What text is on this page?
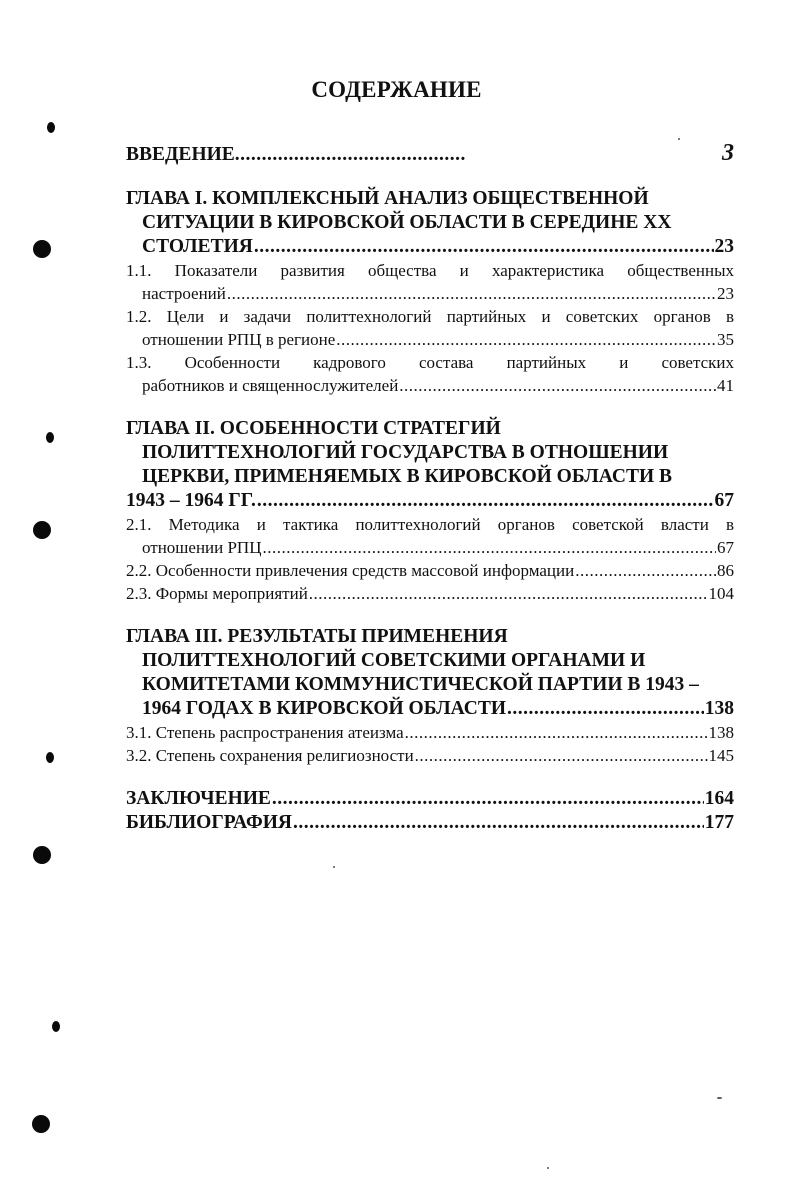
СОДЕРЖАНИЕ
ВВЕДЕНИЕ .....	3
ГЛАВА I. КОМПЛЕКСНЫЙ АНАЛИЗ ОБЩЕСТВЕННОЙ
СИТУАЦИИ В КИРОВСКОЙ ОБЛАСТИ В СЕРЕДИНЕ XX
СТОЛЕТИЯ .....	23
1.1. Показатели развития общества и характеристика общественных
настроений .....	23
1.2. Цели и задачи политтехнологий партийных и советских органов в
отношении РПЦ в регионе .....	35
1.3. Особенности кадрового состава партийных и советских
работников и священнослужителей .....	41
ГЛАВА II. ОСОБЕННОСТИ СТРАТЕГИЙ
ПОЛИТТЕХНОЛОГИЙ ГОСУДАРСТВА В ОТНОШЕНИИ
ЦЕРКВИ, ПРИМЕНЯЕМЫХ В КИРОВСКОЙ ОБЛАСТИ В
1943 – 1964 ГГ. .....	67
2.1. Методика и тактика политтехнологий органов советской власти в
отношении РПЦ .....	67
2.2. Особенности привлечения средств массовой информации .....	86
2.3. Формы мероприятий .....	104
ГЛАВА III. РЕЗУЛЬТАТЫ ПРИМЕНЕНИЯ
ПОЛИТТЕХНОЛОГИЙ СОВЕТСКИМИ ОРГАНАМИ И
КОМИТЕТАМИ КОММУНИСТИЧЕСКОЙ ПАРТИИ В 1943 –
1964 ГОДАХ В КИРОВСКОЙ ОБЛАСТИ .....	138
3.1. Степень распространения атеизма .....	138
3.2. Степень сохранения религиозности .....	145
ЗАКЛЮЧЕНИЕ .....	164
БИБЛИОГРАФИЯ .....	177
